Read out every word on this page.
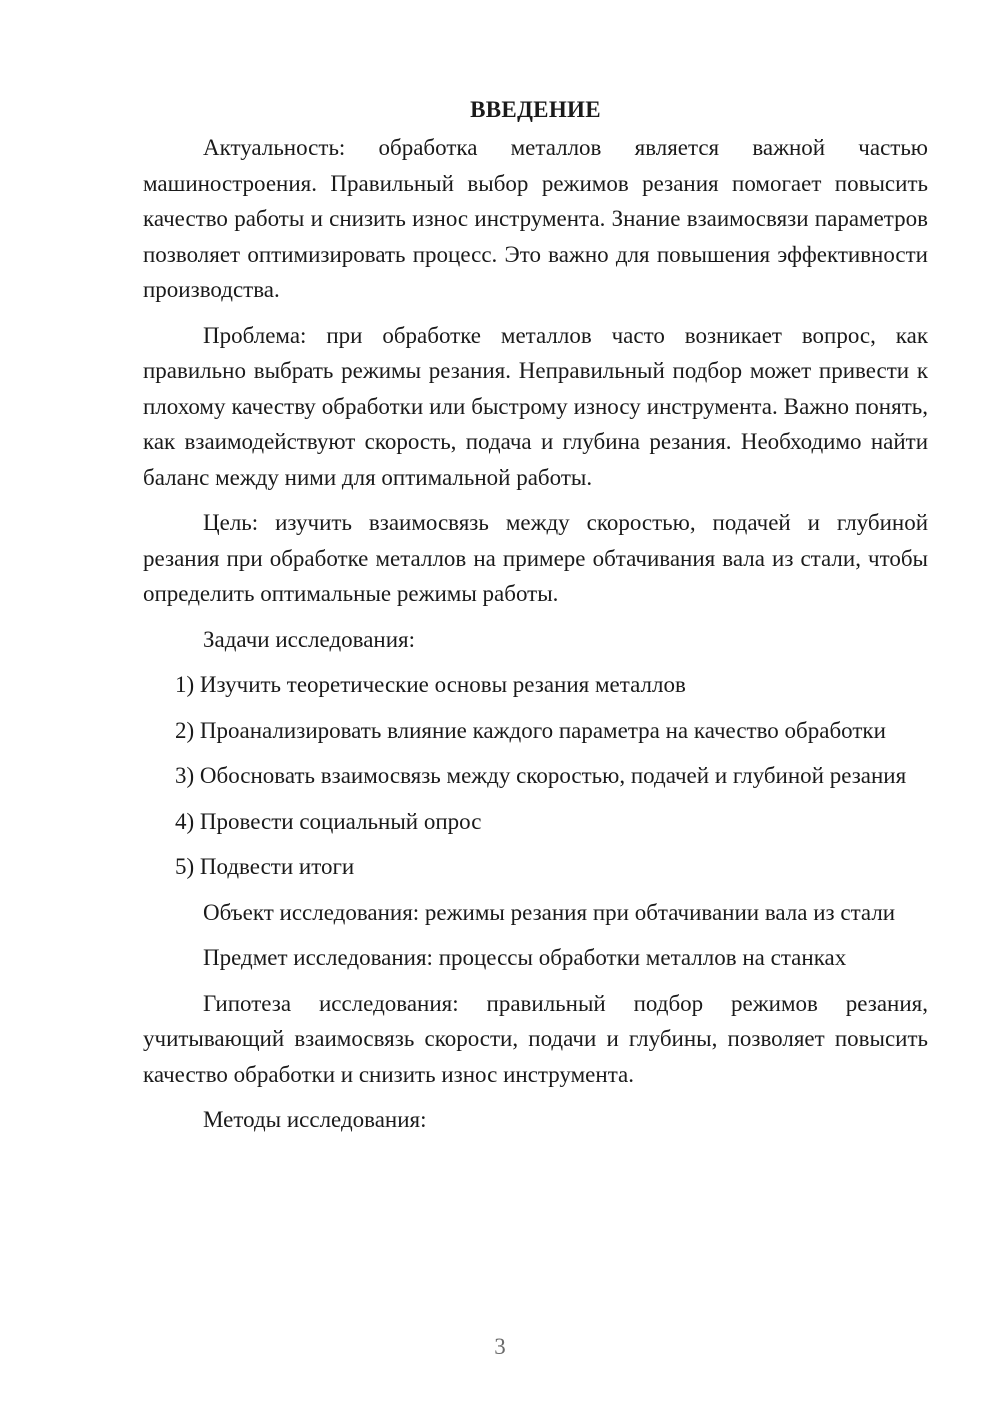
ВВЕДЕНИЕ
Актуальность: обработка металлов является важной частью машиностроения. Правильный выбор режимов резания помогает повысить качество работы и снизить износ инструмента. Знание взаимосвязи параметров позволяет оптимизировать процесс. Это важно для повышения эффективности производства.
Проблема: при обработке металлов часто возникает вопрос, как правильно выбрать режимы резания. Неправильный подбор может привести к плохому качеству обработки или быстрому износу инструмента. Важно понять, как взаимодействуют скорость, подача и глубина резания. Необходимо найти баланс между ними для оптимальной работы.
Цель: изучить взаимосвязь между скоростью, подачей и глубиной резания при обработке металлов на примере обтачивания вала из стали, чтобы определить оптимальные режимы работы.
Задачи исследования:
1) Изучить теоретические основы резания металлов
2) Проанализировать влияние каждого параметра на качество обработки
3) Обосновать взаимосвязь между скоростью, подачей и глубиной резания
4) Провести социальный опрос
5) Подвести итоги
Объект исследования: режимы резания при обтачивании вала из стали
Предмет исследования: процессы обработки металлов на станках
Гипотеза исследования: правильный подбор режимов резания, учитывающий взаимосвязь скорости, подачи и глубины, позволяет повысить качество обработки и снизить износ инструмента.
Методы исследования:
3
